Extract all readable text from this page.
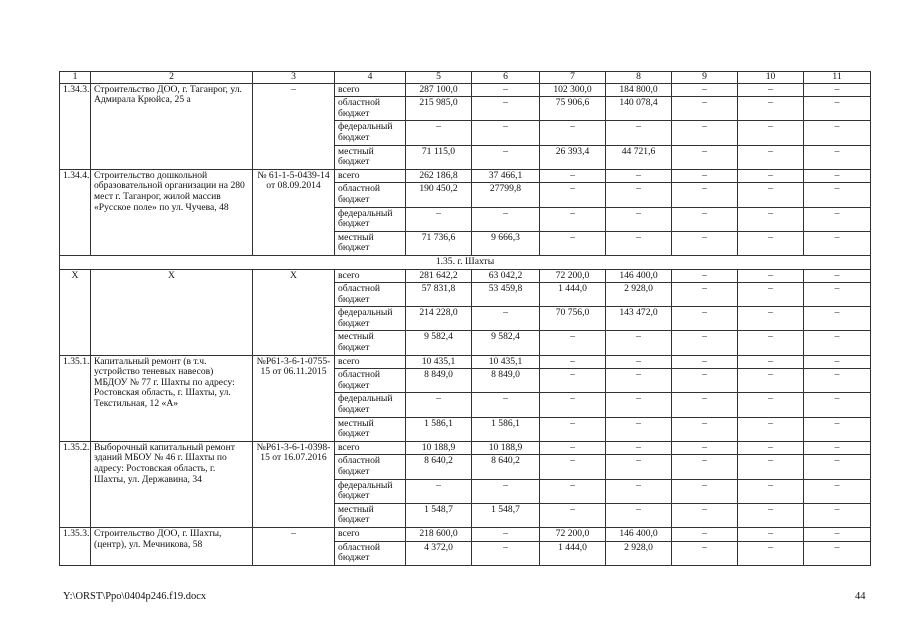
1	2	3	4	5	6	7	8	9	10	11
1.34.3.	Строительство ДОО, г. Таганрог, ул. Адмирала Крюйса, 25 а	–	всего	287 100,0	–	102 300,0	184 800,0	–	–	–
			областной бюджет	215 985,0	–	75 906,6	140 078,4	–	–	–
			федеральный бюджет	–	–	–	–	–	–	–
			местный бюджет	71 115,0	–	26 393,4	44 721,6	–	–	–
1.34.4.	Строительство дошкольной образовательной организации на 280 мест г. Таганрог, жилой массив «Русское поле» по ул. Чучева, 48	№ 61-1-5-0439-14 от 08.09.2014	всего	262 186,8	37 466,1	–	–	–	–	–
			областной бюджет	190 450,2	27799,8	–	–	–	–	–
			федеральный бюджет	–	–	–	–	–	–	–
			местный бюджет	71 736,6	9 666,3	–	–	–	–	–
1.35. г. Шахты										
Х	Х	Х	всего	281 642,2	63 042,2	72 200,0	146 400,0	–	–	–
			областной бюджет	57 831,8	53 459,8	1 444,0	2 928,0	–	–	–
			федеральный бюджет	214 228,0	–	70 756,0	143 472,0	–	–	–
			местный бюджет	9 582,4	9 582,4	–	–	–	–	–
1.35.1.	Капитальный ремонт (в т.ч. устройство теневых навесов) МБДОУ № 77 г. Шахты по адресу: Ростовская область, г. Шахты, ул. Текстильная, 12 «А»	№Р61-3-6-1-0755-15 от 06.11.2015	всего	10 435,1	10 435,1	–	–	–	–	–
			областной бюджет	8 849,0	8 849,0	–	–	–	–	–
			федеральный бюджет	–	–	–	–	–	–	–
			местный бюджет	1 586,1	1 586,1	–	–	–	–	–
1.35.2.	Выборочный капитальный ремонт зданий МБОУ № 46 г. Шахты по адресу: Ростовская область, г. Шахты, ул. Державина, 34	№Р61-3-6-1-0398-15 от 16.07.2016	всего	10 188,9	10 188,9	–	–	–	–	–
			областной бюджет	8 640,2	8 640,2	–	–	–	–	–
			федеральный бюджет	–	–	–	–	–	–	–
			местный бюджет	1 548,7	1 548,7	–	–	–	–	–
1.35.3.	Строительство ДОО, г. Шахты, (центр), ул. Мечникова, 58	–	всего	218 600,0	–	72 200,0	146 400,0	–	–	–
			областной бюджет	4 372,0	–	1 444,0	2 928,0	–	–	–
Y:\ORST\Ppo\0404p246.f19.docx	44
